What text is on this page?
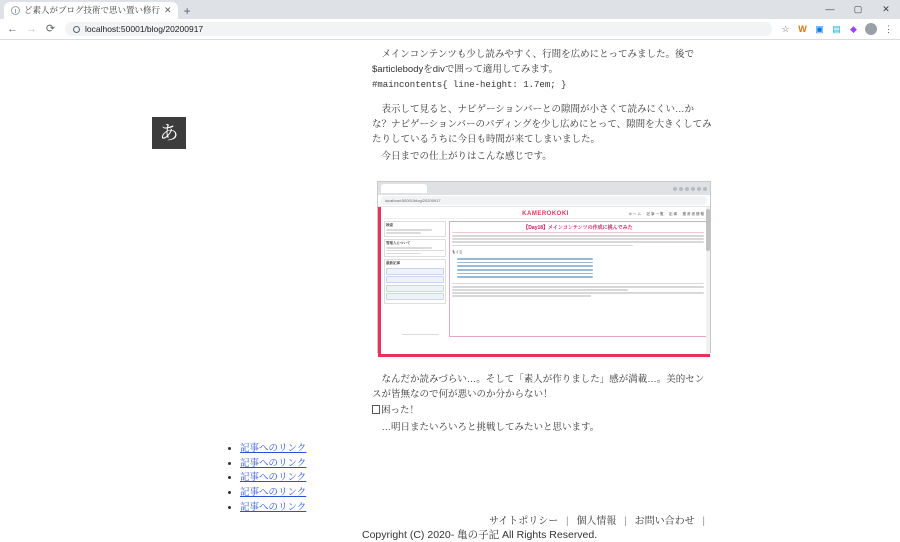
ど素人がブログ技術で思い置い修行 ✕ +	—	▢	✕
← → ⟳	localhost:50001/blog/20200917	☆ W ▣ ▤ ◆	⋮

メインコンテンツも少し読みやすく、行間を広めにとってみました。後で$articlebodyをdivで囲って適用してみます。

#maincontents{ line-height: 1.7em; }

表示して見ると、ナビゲーションバーとの隙間が小さくて読みにくい…かな？ナビゲーションバーのパディングを少し広めにとって、隙間を大きくしてみたりしているうちに今日も時間が来てしまいました。

今日までの仕上がりはこんな感じです。

localhost:50001/blog/20200917
KAMEROKOKI	ホーム　記事一覧　記事　運営者情報
検索
管理人について
最新記事
【Day18】メインコンテンツの作成に挑んでみた
もくじ
あ

なんだか読みづらい…。そして「素人が作りました」感が満載…。美的センスが皆無なので何が悪いのか分からない！

困った！

…明日またいろいろと挑戦してみたいと思います。

• 記事へのリンク
• 記事へのリンク
• 記事へのリンク
• 記事へのリンク
• 記事へのリンク
サイトポリシー | 個人情報 | お問い合わせ |
Copyright (C) 2020- 亀の子記 All Rights Reserved.
